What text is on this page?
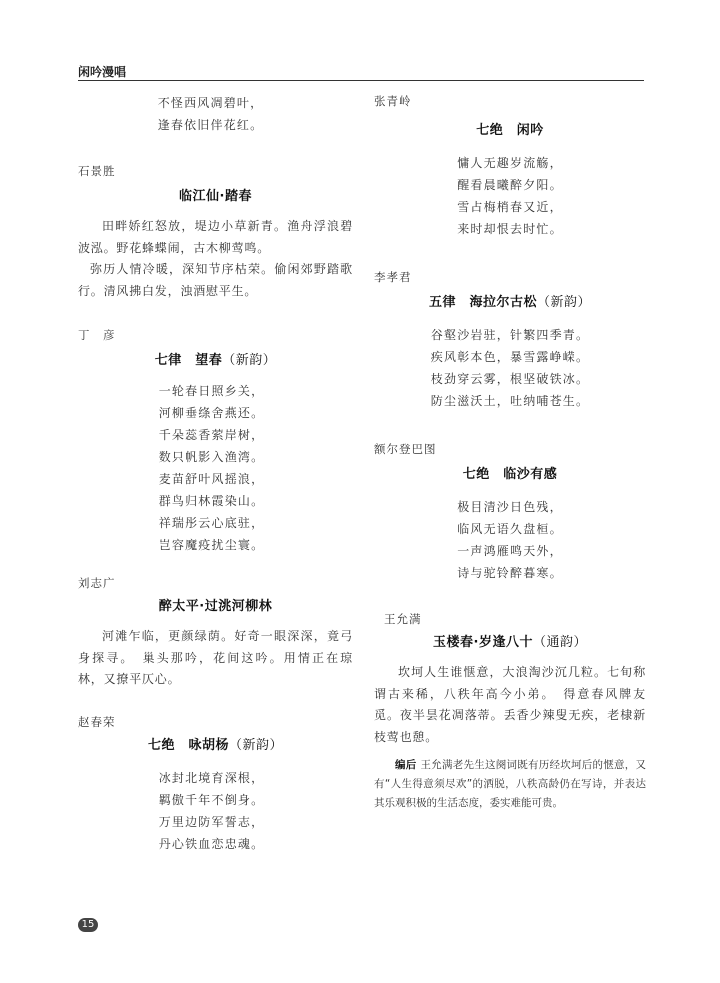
闲吟漫唱

不怪西风凋碧叶，

逢春依旧伴花红。

石景胜

临江仙·踏春

田畔娇红怒放，堤边小草新青。渔舟浮浪碧波泓。野花蜂蝶闹，古木柳莺鸣。

弥历人情冷暖，深知节序枯荣。偷闲郊野踏歌行。清风拂白发，浊酒慰平生。

丁　彦

七律　望春（新韵）

一轮春日照乡关，

河柳垂绦舍燕还。

千朵蕊香萦岸树，

数只帆影入渔湾。

麦苗舒叶风摇浪，

群鸟归林霞染山。

祥瑞彤云心底驻，

岂容魔疫扰尘寰。

刘志广

醉太平·过洮河柳林

河滩乍临，更颜绿荫。好奇一眼深深，竟弓身探寻。　巢头那吟，花间这吟。用情正在琼林，又撩平仄心。

赵春荣

七绝　咏胡杨（新韵）

冰封北境育深根，

羁傲千年不倒身。

万里边防军誓志，

丹心铁血恋忠魂。

张青岭

七绝　闲吟

慵人无趣岁流觞，

醒看晨曦醉夕阳。

雪占梅梢春又近，

来时却恨去时忙。

李孝君

五律　海拉尔古松（新韵）

谷壑沙岩驻，针繁四季青。

疾风彰本色，暴雪露峥嵘。

枝劲穿云雾，根坚破铁冰。

防尘滋沃土，吐纳哺苍生。

额尔登巴图

七绝　临沙有感

极目清沙日色残，

临风无语久盘桓。

一声鸿雁鸣天外，

诗与驼铃醉暮寒。

王允满

玉楼春·岁逢八十（通韵）

坎坷人生谁惬意，大浪淘沙沉几粒。七旬称谓古来稀，八秩年高今小弟。　得意春风牌友觅。夜半昙花凋落蒂。丢香少辣叟无疾，老棣新枝莺也憩。

编后 王允满老先生这阕词既有历经坎坷后的惬意，又有“人生得意须尽欢”的洒脱，八秩高龄仍在写诗，并表达其乐观积极的生活态度，委实难能可贵。

15
